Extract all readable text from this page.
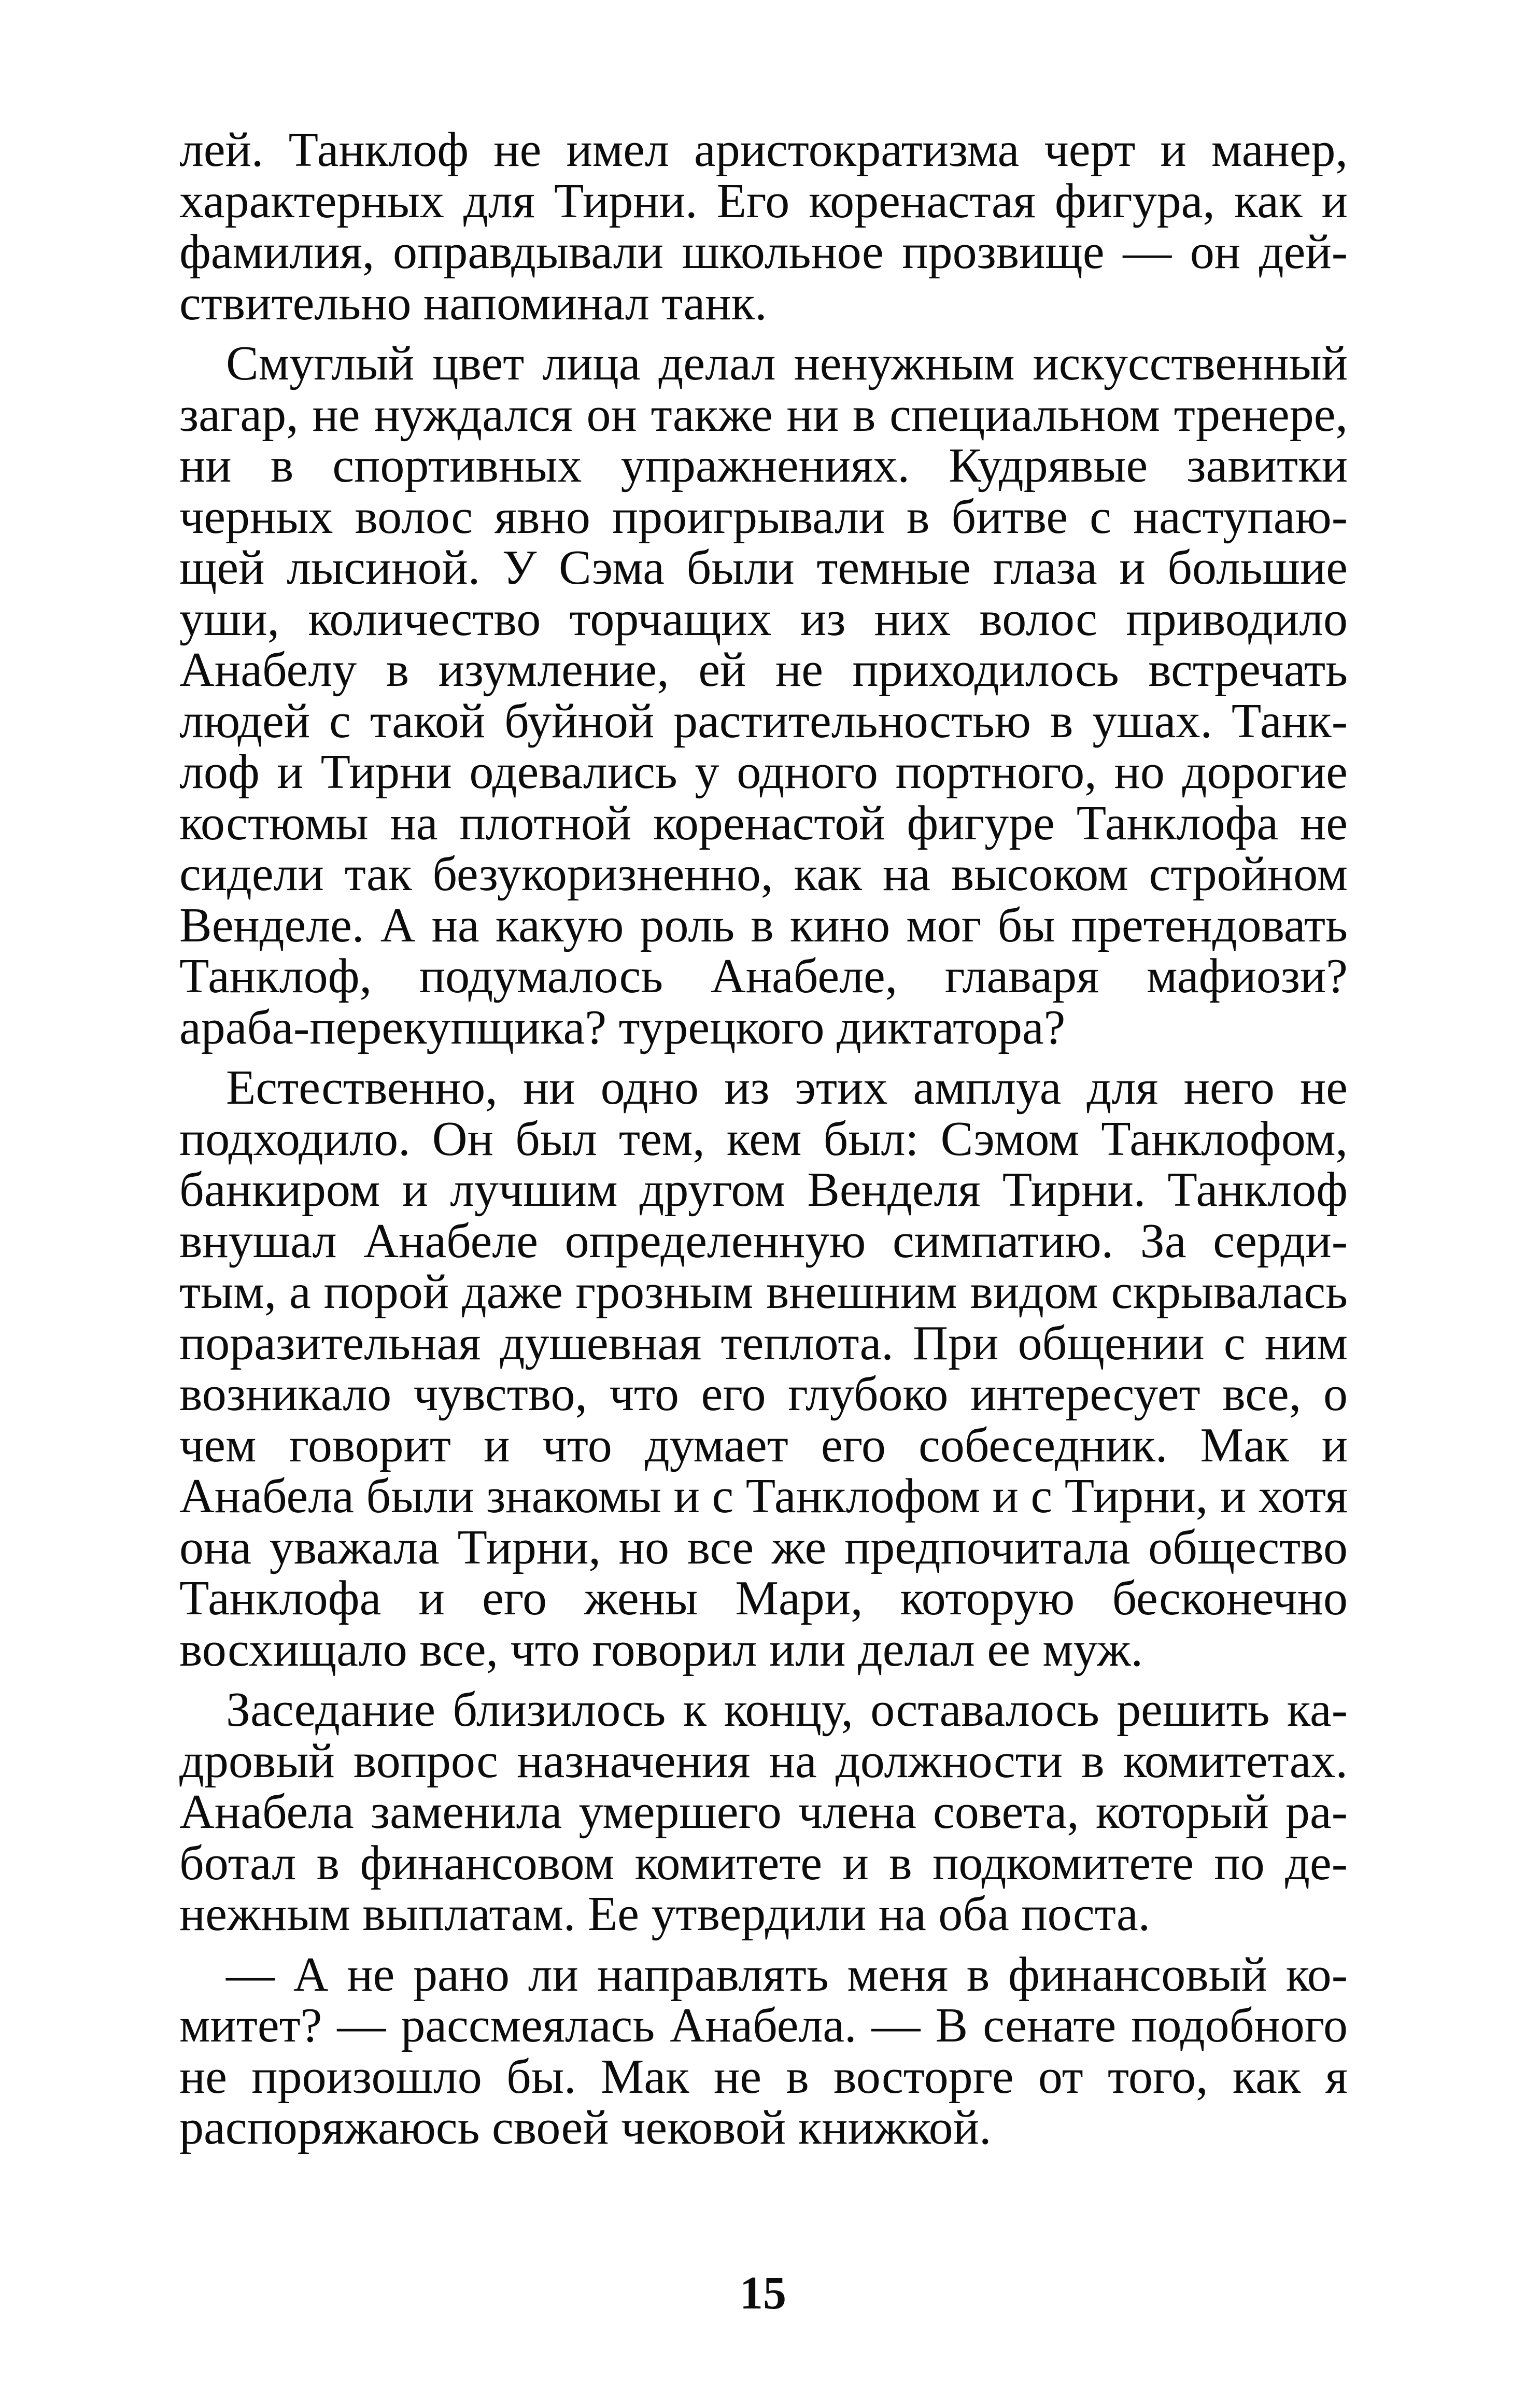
лей. Танклоф не имел аристократизма черт и манер, характерных для Тирни. Его коренастая фигура, как и фамилия, оправдывали школьное прозвище — он действительно напоминал танк.

Смуглый цвет лица делал ненужным искусственный загар, не нуждался он также ни в специальном тренере, ни в спортивных упражнениях. Кудрявые завитки черных волос явно проигрывали в битве с наступающей лысиной. У Сэма были темные глаза и большие уши, количество торчащих из них волос приводило Анабелу в изумление, ей не приходилось встречать людей с такой буйной растительностью в ушах. Танклоф и Тирни одевались у одного портного, но дорогие костюмы на плотной коренастой фигуре Танклофа не сидели так безукоризненно, как на высоком стройном Венделе. А на какую роль в кино мог бы претендовать Танклоф, подумалось Анабеле, главаря мафиози? араба-перекупщика? турецкого диктатора?

Естественно, ни одно из этих амплуа для него не подходило. Он был тем, кем был: Сэмом Танклофом, банкиром и лучшим другом Венделя Тирни. Танклоф внушал Анабеле определенную симпатию. За сердитым, а порой даже грозным внешним видом скрывалась поразительная душевная теплота. При общении с ним возникало чувство, что его глубоко интересует все, о чем говорит и что думает его собеседник. Мак и Анабела были знакомы и с Танклофом и с Тирни, и хотя она уважала Тирни, но все же предпочитала общество Танклофа и его жены Мари, которую бесконечно восхищало все, что говорил или делал ее муж.

Заседание близилось к концу, оставалось решить кадровый вопрос назначения на должности в комитетах. Анабела заменила умершего члена совета, который работал в финансовом комитете и в подкомитете по денежным выплатам. Ее утвердили на оба поста.

— А не рано ли направлять меня в финансовый комитет? — рассмеялась Анабела. — В сенате подобного не произошло бы. Мак не в восторге от того, как я распоряжаюсь своей чековой книжкой.

15
